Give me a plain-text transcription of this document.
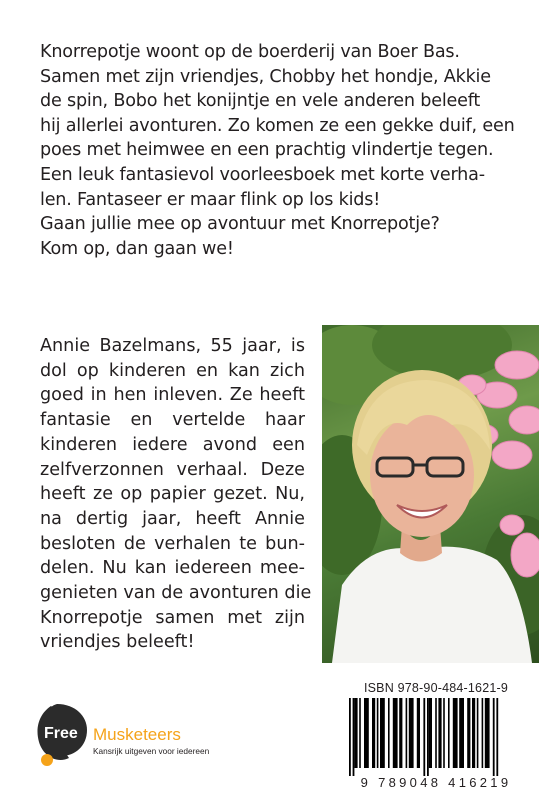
Knorrepotje woont op de boerderij van Boer Bas.

Samen met zijn vriendjes, Chobby het hondje, Akkie

de spin, Bobo het konijntje en vele anderen beleeft

hij allerlei avonturen. Zo komen ze een gekke duif, een

poes met heimwee en een prachtig vlindertje tegen.

Een leuk fantasievol voorleesboek met korte verha-

len. Fantaseer er maar flink op los kids!

Gaan jullie mee op avontuur met Knorrepotje?

Kom op, dan gaan we!

Annie Bazelmans, 55 jaar, is

dol op kinderen en kan zich

goed in hen inleven. Ze heeft

fantasie en vertelde haar

kinderen iedere avond een

zelfverzonnen verhaal. Deze

heeft ze op papier gezet. Nu,

na dertig jaar, heeft Annie

besloten de verhalen te bun-

delen. Nu kan iedereen mee-

genieten van de avonturen die

Knorrepotje samen met zijn

vriendjes beleeft!

ISBN 978-90-484-1621-9
9 789048 416219
Free Musketeers
Kansrijk uitgeven voor iedereen
